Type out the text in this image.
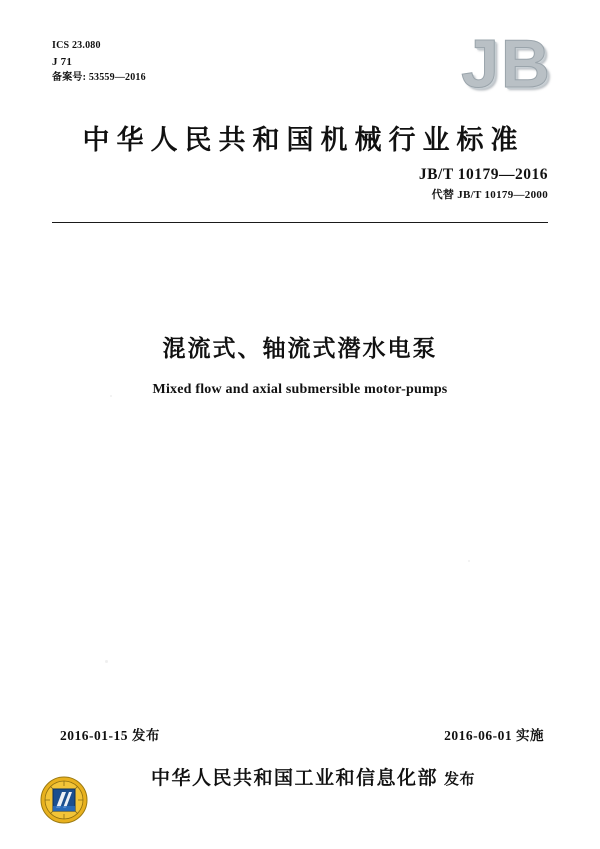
ICS 23.080
J 71
备案号: 53559—2016	JB
中华人民共和国机械行业标准
JB/T 10179—2016
代替 JB/T 10179—2000
混流式、轴流式潜水电泵
Mixed flow and axial submersible motor-pumps
2016-01-15 发布	2016-06-01 实施
中华人民共和国工业和信息化部 发布
